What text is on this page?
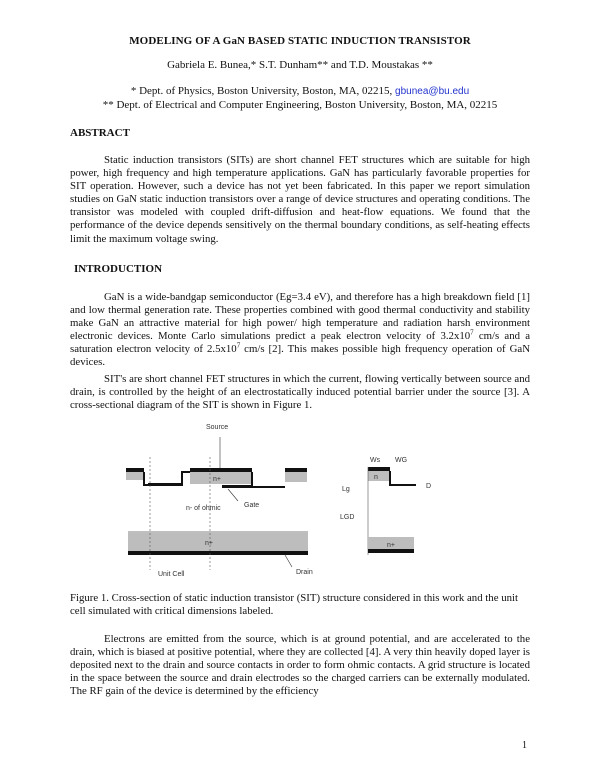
MODELING OF A GaN BASED STATIC INDUCTION TRANSISTOR
Gabriela E. Bunea,* S.T. Dunham** and T.D. Moustakas **
* Dept. of Physics, Boston University, Boston, MA, 02215, gbunea@bu.edu
** Dept. of Electrical and Computer Engineering, Boston University, Boston, MA, 02215
ABSTRACT

Static induction transistors (SITs) are short channel FET structures which are suitable for high power, high frequency and high temperature applications. GaN has particularly favorable properties for SIT operation. However, such a device has not yet been fabricated. In this paper we report simulation studies on GaN static induction transistors over a range of device structures and operating conditions. The transistor was modeled with coupled drift-diffusion and heat-flow equations. We found that the performance of the device depends sensitively on the thermal boundary conditions, as self-heating effects limit the maximum voltage swing.

INTRODUCTION

GaN is a wide-bandgap semiconductor (Eg=3.4 eV), and therefore has a high breakdown field [1] and low thermal generation rate. These properties combined with good thermal conductivity and stability make GaN an attractive material for high power/ high temperature and radiation harsh environment electronic devices. Monte Carlo simulations predict a peak electron velocity of $3.2x10^7$ cm/s and a saturation electron velocity of $2.5x10^7$ cm/s [2]. This makes possible high frequency operation of GaN devices.

SIT's are short channel FET structures in which the current, flowing vertically between source and drain, is controlled by the height of an electrostatically induced potential barrier under the source [3]. A cross-sectional diagram of the SIT is shown in Figure 1.

Source
n+
Gate
n- of ohmic
n+
Unit Cell	Drain
Ws WG
n
Lg
LGD
n+
D

Figure 1. Cross-section of static induction transistor (SIT) structure considered in this work and the unit cell simulated with critical dimensions labeled.

Electrons are emitted from the source, which is at ground potential, and are accelerated to the drain, which is biased at positive potential, where they are collected [4]. A very thin heavily doped layer is deposited next to the drain and source contacts in order to form ohmic contacts. A grid structure is located in the space between the source and drain electrodes so the charged carriers can be externally modulated. The RF gain of the device is determined by the efficiency

1
